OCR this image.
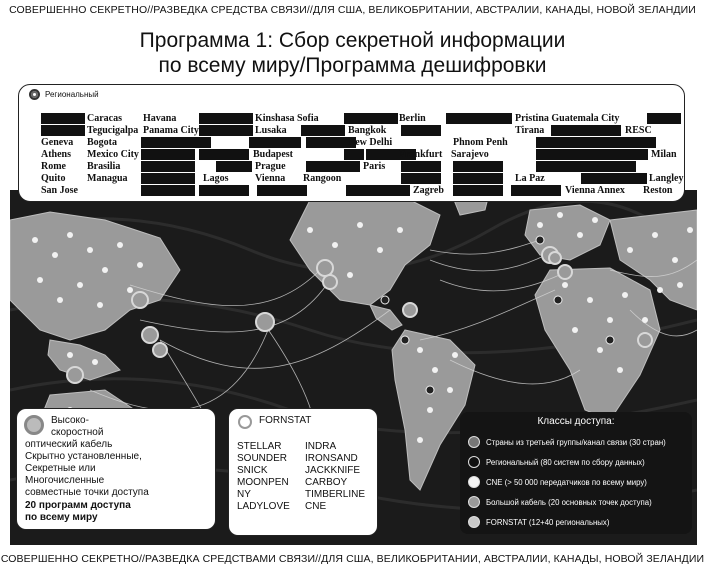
СОВЕРШЕННО СЕКРЕТНО//РАЗВЕДКА СРЕДСТВА СВЯЗИ//ДЛЯ США, ВЕЛИКОБРИТАНИИ, АВСТРАЛИИ, КАНАДЫ, НОВОЙ ЗЕЛАНДИИ
Программа 1: Сбор секретной информации
по всему миру/Программа дешифровки
Региональный
Caracas Havana	Kinshasa Sofia	Berlin	Pristina Guatemala City
Tegucigalpa Panama City	Lusaka	Bangkok	Tirana	RESC
Geneva Bogota	New Delhi	Phnom Penh
Athens Mexico City	Budapest	Frankfurt Sarajevo	Milan
Rome Brasilia	Prague	Paris
Quito Managua	Lagos	Vienna Rangoon	La Paz	Langley
San Jose	Zagreb	Vienna Annex Reston
Высоко-
скоростной
оптический кабель
Скрытно установленные,
Секретные или
Многочисленные
совместные точки доступа
20 программ доступа
по всему миру
FORNSTAT
STELLAR	INDRA
SOUNDER	IRONSAND
SNICK	JACKKNIFE
MOONPEN	CARBOY
NY	TIMBERLINE
LADYLOVE	CNE
Классы доступа:
Страны из третьей группы/канал связи (30 стран)
Региональный (80 систем по сбору данных)
CNE (> 50 000 передатчиков по всему миру)
Большой кабель (20 основных точек доступа)
FORNSTAT (12+40 региональных)
СОВЕРШЕННО СЕКРЕТНО//РАЗВЕДКА СРЕДСТВАМИ СВЯЗИ//ДЛЯ США, ВЕЛИКОБРИТАНИИ, АВСТРАЛИИ, КАНАДЫ, НОВОЙ ЗЕЛАНДИИ
